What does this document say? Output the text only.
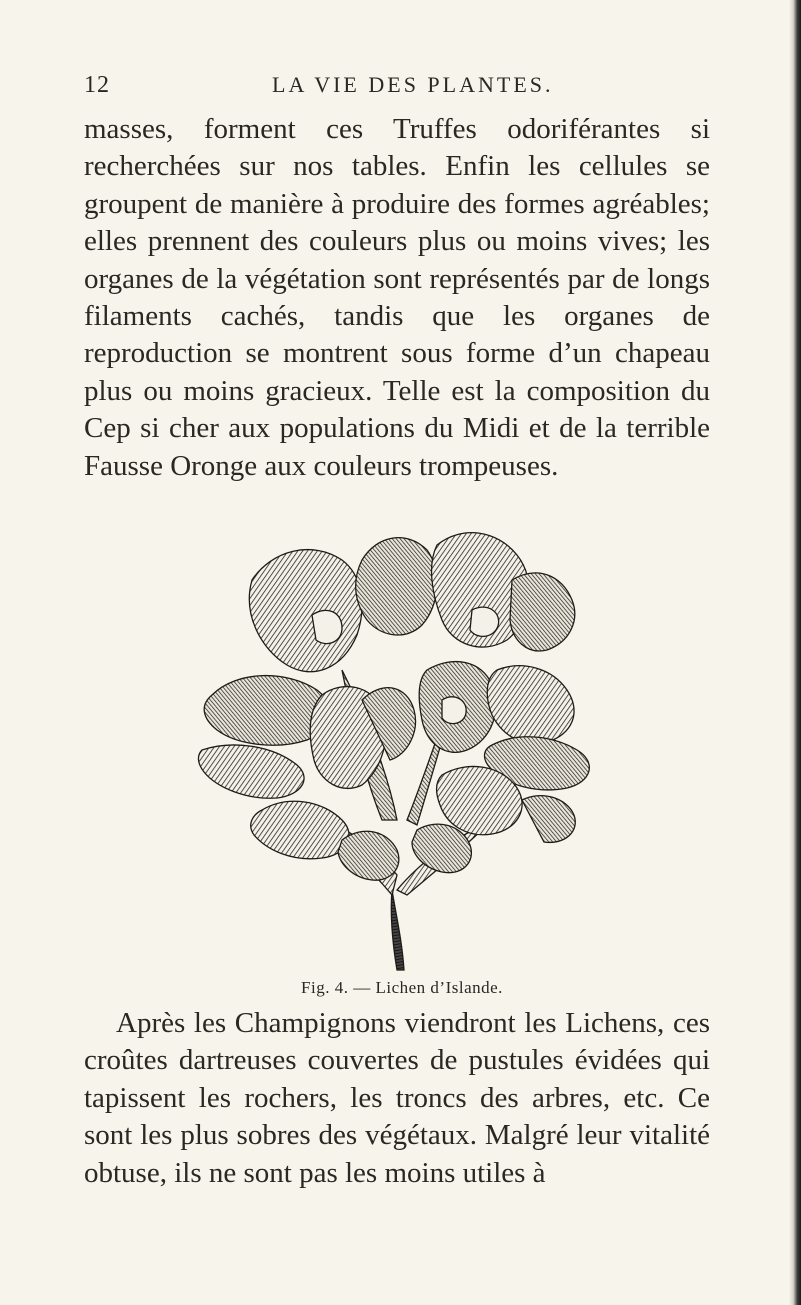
12	LA VIE DES PLANTES.
masses, forment ces Truffes odoriférantes si recherchées sur nos tables. Enfin les cellules se groupent de manière à produire des formes agréables; elles prennent des couleurs plus ou moins vives; les organes de la végétation sont représentés par de longs filaments cachés, tandis que les organes de reproduction se montrent sous forme d’un chapeau plus ou moins gracieux. Telle est la composition du Cep si cher aux populations du Midi et de la terrible Fausse Oronge aux couleurs trompeuses.
Fig. 4. — Lichen d’Islande.
Après les Champignons viendront les Lichens, ces croûtes dartreuses couvertes de pustules évidées qui tapissent les rochers, les troncs des arbres, etc. Ce sont les plus sobres des végétaux. Malgré leur vitalité obtuse, ils ne sont pas les moins utiles à
